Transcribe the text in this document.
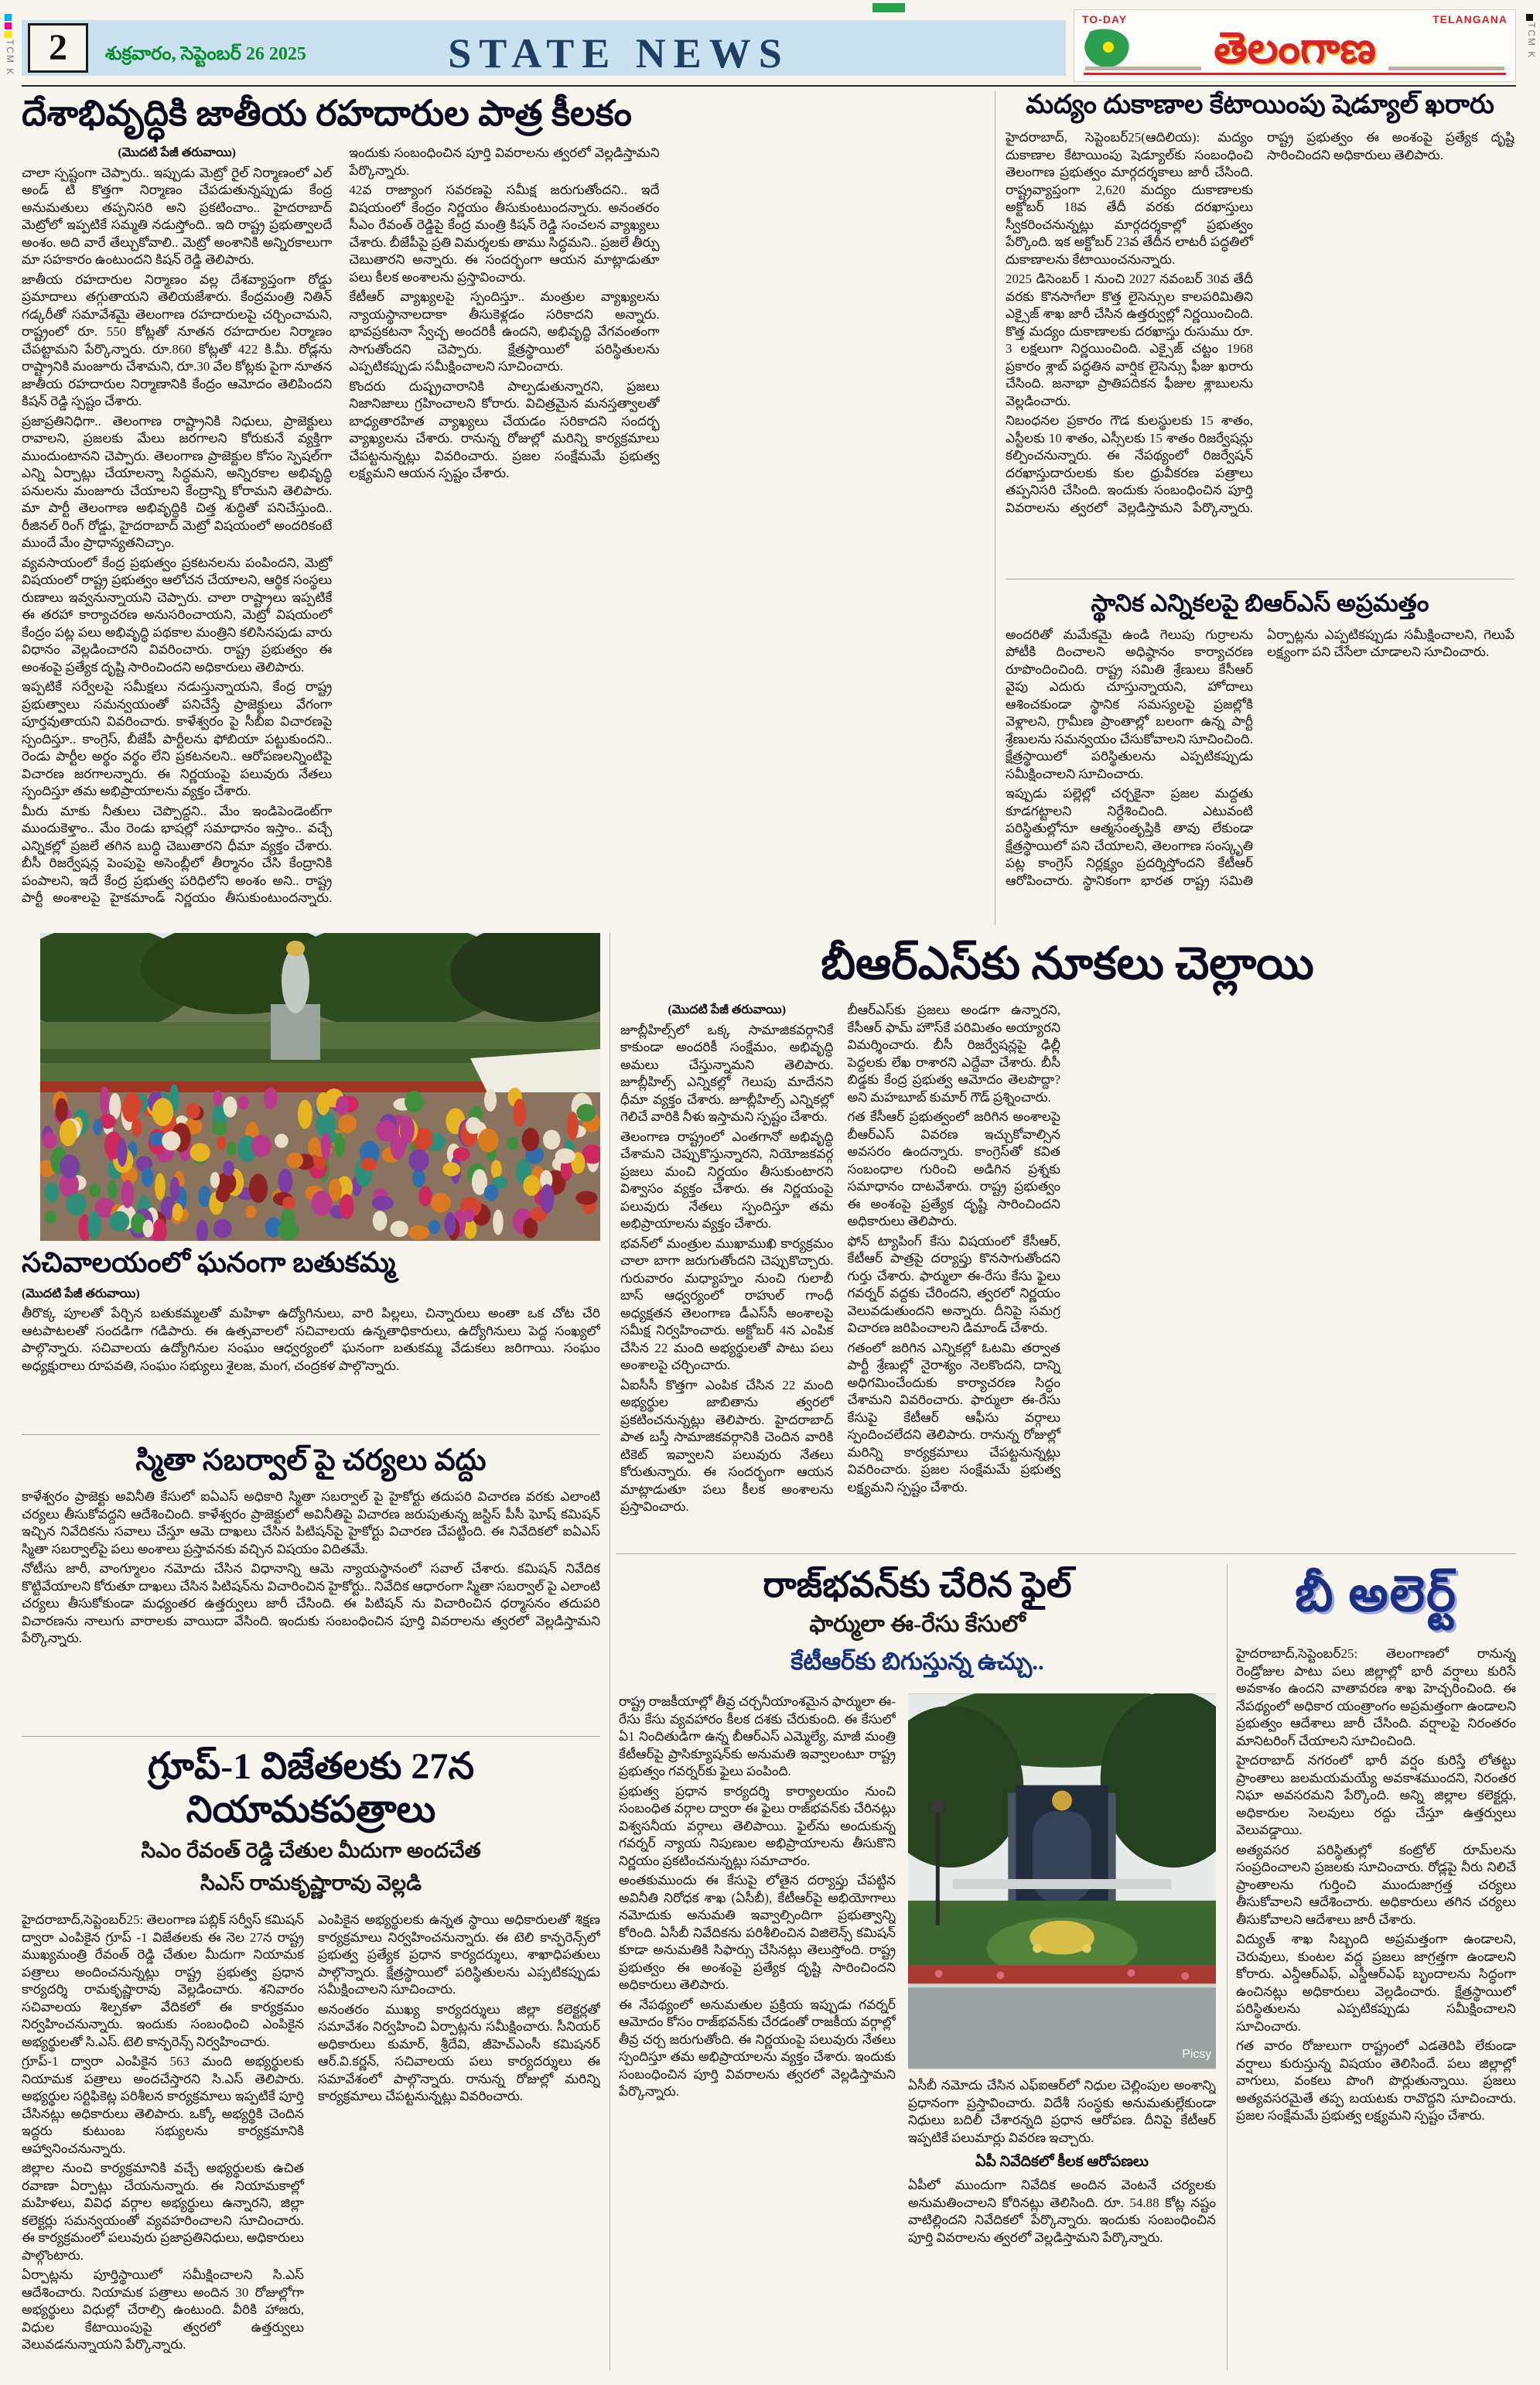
TCM K	TCM K
2	శుక్రవారం, సెప్టెంబర్ 26 2025	STATE NEWS
TO-DAY	TELANGANA
తెలంగాణ
దేశాభివృద్ధికి జాతీయ రహదారుల పాత్ర కీలకం

(మొదటి పేజీ తరువాయి)

చాలా స్పష్టంగా చెప్పారు.. ఇప్పుడు మెట్రో రైల్ నిర్మాణంలో ఎల్ అండ్ టి కొత్తగా నిర్మాణం చేపడుతున్నప్పుడు కేంద్ర అనుమతులు తప్పనిసరి అని ప్రకటించాం.. హైదరాబాద్ మెట్రోలో ఇప్పటికే సమ్మతి నడుస్తోంది.. ఇది రాష్ట్ర ప్రభుత్వాలదే అంశం. అది వారే తేల్చుకోవాలి.. మెట్రో అంశానికి అన్నిరకాలుగా మా సహకారం ఉంటుందని కిషన్ రెడ్డి తెలిపారు.

జాతీయ రహదారుల నిర్మాణం వల్ల దేశవ్యాప్తంగా రోడ్డు ప్రమాదాలు తగ్గుతాయని తెలియజేశారు. కేంద్రమంత్రి నితిన్ గడ్కరీతో సమావేశమై తెలంగాణ రహదారులపై చర్చించామని, రాష్ట్రంలో రూ. 550 కోట్లతో నూతన రహదారుల నిర్మాణం చేపట్టామని పేర్కొన్నారు. రూ.860 కోట్లతో 422 కి.మీ. రోడ్లను రాష్ట్రానికి మంజూరు చేశామని, రూ.30 వేల కోట్లకు పైగా నూతన జాతీయ రహదారుల నిర్మాణానికి కేంద్రం ఆమోదం తెలిపిందని కిషన్ రెడ్డి స్పష్టం చేశారు.

ప్రజాప్రతినిధిగా.. తెలంగాణ రాష్ట్రానికి నిధులు, ప్రాజెక్టులు రావాలని, ప్రజలకు మేలు జరగాలని కోరుకునే వ్యక్తిగా ముందుంటానని చెప్పారు. తెలంగాణ ప్రాజెక్టుల కోసం స్పెషల్‌గా ఎన్ని ఏర్పాట్లు చేయాలన్నా సిద్ధమని, అన్నిరకాల అభివృద్ధి పనులను మంజూరు చేయాలని కేంద్రాన్ని కోరామని తెలిపారు. మా పార్టీ తెలంగాణ అభివృద్ధికి చిత్త శుద్ధితో పనిచేస్తుంది.. రీజినల్ రింగ్ రోడ్డు, హైదరాబాద్ మెట్రో విషయంలో అందరికంటే ముందే మేం ప్రాధాన్యతనిచ్చాం.

వ్యవసాయంలో కేంద్ర ప్రభుత్వం ప్రకటనలను పంపిందని, మెట్రో విషయంలో రాష్ట్ర ప్రభుత్వం ఆలోచన చేయాలని, ఆర్థిక సంస్థలు రుణాలు ఇవ్వనున్నాయని చెప్పారు. చాలా రాష్ట్రాలు ఇప్పటికే ఈ తరహా కార్యాచరణ అనుసరించాయని, మెట్రో విషయంలో కేంద్రం పట్ల పలు అభివృద్ధి పథకాల మంత్రిని కలిసినపుడు వారు విధానం వెల్లడించారని వివరించారు. రాష్ట్ర ప్రభుత్వం ఈ అంశంపై ప్రత్యేక దృష్టి సారించిందని అధికారులు తెలిపారు.

ఇప్పటికే సర్వేలపై సమీక్షలు నడుస్తున్నాయని, కేంద్ర రాష్ట్ర ప్రభుత్వాలు సమన్వయంతో పనిచేస్తే ప్రాజెక్టులు వేగంగా పూర్తవుతాయని వివరించారు. కాళేశ్వరం పై సీబీఐ విచారణపై స్పందిస్తూ.. కాంగ్రెస్, బీజేపీ పార్టీలను ఫోబియా పట్టుకుందని.. రెండు పార్టీల అర్థం వర్థం లేని ప్రకటనలని.. ఆరోపణలన్నింటిపై విచారణ జరగాలన్నారు. ఈ నిర్ణయంపై పలువురు నేతలు స్పందిస్తూ తమ అభిప్రాయాలను వ్యక్తం చేశారు.

మీరు మాకు నీతులు చెప్పొద్దని.. మేం ఇండిపెండెంట్‌గా ముందుకెళ్తాం.. మేం రెండు భాషల్లో సమాధానం ఇస్తాం.. వచ్చే ఎన్నికల్లో ప్రజలే తగిన బుద్ధి చెబుతారని ధీమా వ్యక్తం చేశారు. బీసీ రిజర్వేషన్ల పెంపుపై అసెంబ్లీలో తీర్మానం చేసి కేంద్రానికి పంపాలని, ఇదే కేంద్ర ప్రభుత్వ పరిధిలోని అంశం అని.. రాష్ట్ర పార్టీ అంశాలపై హైకమాండ్ నిర్ణయం తీసుకుంటుందన్నారు. ఇందుకు సంబంధించిన పూర్తి వివరాలను త్వరలో వెల్లడిస్తామని పేర్కొన్నారు.

42వ రాజ్యాంగ సవరణపై సమీక్ష జరుగుతోందని.. ఇదే విషయంలో కేంద్రం నిర్ణయం తీసుకుంటుందన్నారు. అనంతరం సీఎం రేవంత్ రెడ్డిపై కేంద్ర మంత్రి కిషన్ రెడ్డి సంచలన వ్యాఖ్యలు చేశారు. బీజేపీపై ప్రతి విమర్శలకు తాము సిద్ధమని.. ప్రజలే తీర్పు చెబుతారని అన్నారు. ఈ సందర్భంగా ఆయన మాట్లాడుతూ పలు కీలక అంశాలను ప్రస్తావించారు.

కేటీఆర్ వ్యాఖ్యలపై స్పందిస్తూ.. మంత్రుల వ్యాఖ్యలను న్యాయస్థానాలదాకా తీసుకెళ్లడం సరికాదని అన్నారు. భావప్రకటనా స్వేచ్ఛ అందరికీ ఉందని, అభివృద్ధి వేగవంతంగా సాగుతోందని చెప్పారు. క్షేత్రస్థాయిలో పరిస్థితులను ఎప్పటికప్పుడు సమీక్షించాలని సూచించారు.

కొందరు దుష్ప్రచారానికి పాల్పడుతున్నారని, ప్రజలు నిజానిజాలు గ్రహించాలని కోరారు. విచిత్రమైన మనస్తత్వాలతో బాధ్యతారహిత వ్యాఖ్యలు చేయడం సరికాదని సందర్భ వ్యాఖ్యలను చేశారు. రానున్న రోజుల్లో మరిన్ని కార్యక్రమాలు చేపట్టనున్నట్లు వివరించారు. ప్రజల సంక్షేమమే ప్రభుత్వ లక్ష్యమని ఆయన స్పష్టం చేశారు.

మద్యం దుకాణాల కేటాయింపు షెడ్యూల్ ఖరారు

హైదరాబాద్, సెప్టెంబర్25(ఆదిలియ): మద్యం దుకాణాల కేటాయింపు షెడ్యూల్‌కు సంబంధించి తెలంగాణ ప్రభుత్వం మార్గదర్శకాలు జారీ చేసింది. రాష్ట్రవ్యాప్తంగా 2,620 మద్యం దుకాణాలకు అక్టోబర్ 18వ తేదీ వరకు దరఖాస్తులు స్వీకరించనున్నట్లు మార్గదర్శకాల్లో ప్రభుత్వం పేర్కొంది. ఇక అక్టోబర్ 23వ తేదీన లాటరీ పద్ధతిలో దుకాణాలను కేటాయించనున్నారు.

2025 డిసెంబర్ 1 నుంచి 2027 నవంబర్ 30వ తేదీ వరకు కొనసాగేలా కొత్త లైసెన్సుల కాలపరిమితిని ఎక్సైజ్ శాఖ జారీ చేసిన ఉత్తర్వుల్లో నిర్ణయించింది. కొత్త మద్యం దుకాణాలకు దరఖాస్తు రుసుము రూ. 3 లక్షలుగా నిర్ణయించింది. ఎక్సైజ్ చట్టం 1968 ప్రకారం శ్లాబ్ పద్ధతిన వార్షిక లైసెన్సు ఫీజు ఖరారు చేసింది. జనాభా ప్రాతిపదికన ఫీజుల శ్లాబులను వెల్లడించారు.

నిబంధనల ప్రకారం గౌడ కులస్థులకు 15 శాతం, ఎస్టీలకు 10 శాతం, ఎస్సీలకు 15 శాతం రిజర్వేషన్లు కల్పించనున్నారు. ఈ నేపథ్యంలో రిజర్వేషన్ దరఖాస్తుదారులకు కుల ధ్రువీకరణ పత్రాలు తప్పనిసరి చేసింది. ఇందుకు సంబంధించిన పూర్తి వివరాలను త్వరలో వెల్లడిస్తామని పేర్కొన్నారు. రాష్ట్ర ప్రభుత్వం ఈ అంశంపై ప్రత్యేక దృష్టి సారించిందని అధికారులు తెలిపారు.

స్థానిక ఎన్నికలపై బిఆర్ఎస్ అప్రమత్తం

అందరితో మమేకమై ఉండి గెలుపు గుర్రాలను పోటీకి దించాలని అధిష్ఠానం కార్యాచరణ రూపొందించింది. రాష్ట్ర సమితి శ్రేణులు కేసీఆర్ వైపు ఎదురు చూస్తున్నాయని, హోదాలు ఆశించకుండా స్థానిక సమస్యలపై ప్రజల్లోకి వెళ్లాలని, గ్రామీణ ప్రాంతాల్లో బలంగా ఉన్న పార్టీ శ్రేణులను సమన్వయం చేసుకోవాలని సూచించింది. క్షేత్రస్థాయిలో పరిస్థితులను ఎప్పటికప్పుడు సమీక్షించాలని సూచించారు.

ఇప్పుడు పల్లెల్లో చర్చకైనా ప్రజల మద్దతు కూడగట్టాలని నిర్దేశించింది. ఎటువంటి పరిస్థితుల్లోనూ ఆత్మసంతృప్తికి తావు లేకుండా క్షేత్రస్థాయిలో పని చేయాలని, తెలంగాణ సంస్కృతి పట్ల కాంగ్రెస్ నిర్లక్ష్యం ప్రదర్శిస్తోందని కేటీఆర్ ఆరోపించారు. స్థానికంగా భారత రాష్ట్ర సమితి ఏర్పాట్లను ఎప్పటికప్పుడు సమీక్షించాలని, గెలుపే లక్ష్యంగా పని చేసేలా చూడాలని సూచించారు.

బీఆర్ఎస్‌కు నూకలు చెల్లాయి

(మొదటి పేజీ తరువాయి)

జూబ్లీహిల్స్‌లో ఒక్క సామాజికవర్గానికే కాకుండా అందరికీ సంక్షేమం, అభివృద్ధి అమలు చేస్తున్నామని తెలిపారు. జూబ్లీహిల్స్ ఎన్నికల్లో గెలుపు మాదేనని ధీమా వ్యక్తం చేశారు. జూబ్లీహిల్స్ ఎన్నికల్లో గెలిచే వారికి నీళు ఇస్తామని స్పష్టం చేశారు.

తెలంగాణ రాష్ట్రంలో ఎంతగానో అభివృద్ధి చేశామని చెప్పుకొస్తున్నారని, నియోజకవర్గ ప్రజలు మంచి నిర్ణయం తీసుకుంటారని విశ్వాసం వ్యక్తం చేశారు. ఈ నిర్ణయంపై పలువురు నేతలు స్పందిస్తూ తమ అభిప్రాయాలను వ్యక్తం చేశారు.

భవన్‌లో మంత్రుల ముఖాముఖి కార్యక్రమం చాలా బాగా జరుగుతోందని చెప్పుకొచ్చారు. గురువారం మధ్యాహ్నం నుంచి గులాబీ బాస్ ఆధ్వర్యంలో రాహుల్ గాంధీ అధ్యక్షతన తెలంగాణ డీఎస్‌సీ అంశాలపై సమీక్ష నిర్వహించారు. అక్టోబర్ 4న ఎంపిక చేసిన 22 మంది అభ్యర్థులతో పాటు పలు అంశాలపై చర్చించారు.

ఏఐసీసీ కొత్తగా ఎంపిక చేసిన 22 మంది అభ్యర్థుల జాబితాను త్వరలో ప్రకటించనున్నట్లు తెలిపారు. హైదరాబాద్ పాత బస్తీ సామాజికవర్గానికి చెందిన వారికి టికెట్ ఇవ్వాలని పలువురు నేతలు కోరుతున్నారు. ఈ సందర్భంగా ఆయన మాట్లాడుతూ పలు కీలక అంశాలను ప్రస్తావించారు.

బీఆర్ఎస్‌కు ప్రజలు అండగా ఉన్నారని, కేసీఆర్ ఫామ్ హౌస్‌కే పరిమితం అయ్యారని విమర్శించారు. బీసీ రిజర్వేషన్లపై ఢిల్లీ పెద్దలకు లేఖ రాశారని ఎద్దేవా చేశారు. బీసీ బిడ్డకు కేంద్ర ప్రభుత్వ ఆమోదం తెలపొద్దా? అని మహబూబ్ కుమార్ గౌడ్ ప్రశ్నించారు.

గత కేసీఆర్ ప్రభుత్వంలో జరిగిన అంశాలపై బీఆర్ఎస్ వివరణ ఇచ్చుకోవాల్సిన అవసరం ఉందన్నారు. కాంగ్రెస్‌తో కవిత సంబంధాల గురించి అడిగిన ప్రశ్నకు సమాధానం దాటవేశారు. రాష్ట్ర ప్రభుత్వం ఈ అంశంపై ప్రత్యేక దృష్టి సారించిందని అధికారులు తెలిపారు.

ఫోన్ ట్యాపింగ్ కేసు విషయంలో కేసీఆర్, కేటీఆర్ పాత్రపై దర్యాప్తు కొనసాగుతోందని గుర్తు చేశారు. ఫార్ములా ఈ-రేసు కేసు ఫైలు గవర్నర్ వద్దకు చేరిందని, త్వరలో నిర్ణయం వెలువడుతుందని అన్నారు. దీనిపై సమగ్ర విచారణ జరిపించాలని డిమాండ్ చేశారు.

గతంలో జరిగిన ఎన్నికల్లో ఓటమి తర్వాత పార్టీ శ్రేణుల్లో నైరాశ్యం నెలకొందని, దాన్ని అధిగమించేందుకు కార్యాచరణ సిద్ధం చేశామని వివరించారు. ఫార్ములా ఈ-రేసు కేసుపై కేటీఆర్ ఆఫీసు వర్గాలు స్పందించలేదని తెలిపారు. రానున్న రోజుల్లో మరిన్ని కార్యక్రమాలు చేపట్టనున్నట్లు వివరించారు. ప్రజల సంక్షేమమే ప్రభుత్వ లక్ష్యమని స్పష్టం చేశారు.

సచివాలయంలో ఘనంగా బతుకమ్మ

(మొదటి పేజీ తరువాయి)

తీరొక్క పూలతో పేర్చిన బతుకమ్మలతో మహిళా ఉద్యోగినులు, వారి పిల్లలు, చిన్నారులు అంతా ఒక చోట చేరి ఆటపాటలతో సందడిగా గడిపారు. ఈ ఉత్సవాలలో సచివాలయ ఉన్నతాధికారులు, ఉద్యోగినులు పెద్ద సంఖ్యలో పాల్గొన్నారు. సచివాలయ ఉద్యోగినుల సంఘం ఆధ్వర్యంలో ఘనంగా బతుకమ్మ వేడుకలు జరిగాయి. సంఘం అధ్యక్షురాలు రూపవతి, సంఘం సభ్యులు శైలజ, మంగ, చంద్రకళ పాల్గొన్నారు.

స్మితా సబర్వాల్ పై చర్యలు వద్దు

కాళేశ్వరం ప్రాజెక్టు అవినీతి కేసులో ఐఏఎస్ అధికారి స్మితా సబర్వాల్ పై హైకోర్టు తదుపరి విచారణ వరకు ఎలాంటి చర్యలు తీసుకోవద్దని ఆదేశించింది. కాళేశ్వరం ప్రాజెక్టులో అవినీతిపై విచారణ జరుపుతున్న జస్టిస్ పీసీ ఘోష్ కమిషన్ ఇచ్చిన నివేదికను సవాలు చేస్తూ ఆమె దాఖలు చేసిన పిటిషన్‌పై హైకోర్టు విచారణ చేపట్టింది. ఈ నివేదికలో ఐఏఎస్ స్మితా సబర్వాల్‌పై పలు అంశాలు ప్రస్తావనకు వచ్చిన విషయం విదితమే.

నోటీసు జారీ, వాంగ్మూలం నమోదు చేసిన విధానాన్ని ఆమె న్యాయస్థానంలో సవాల్ చేశారు. కమిషన్ నివేదిక కొట్టివేయాలని కోరుతూ దాఖలు చేసిన పిటిషన్‌ను విచారించిన హైకోర్టు.. నివేదిక ఆధారంగా స్మితా సబర్వాల్ పై ఎలాంటి చర్యలు తీసుకోకుండా మధ్యంతర ఉత్తర్వులు జారీ చేసింది. ఈ పిటిషన్ ను విచారించిన ధర్మాసనం తదుపరి విచారణను నాలుగు వారాలకు వాయిదా వేసింది. ఇందుకు సంబంధించిన పూర్తి వివరాలను త్వరలో వెల్లడిస్తామని పేర్కొన్నారు.

గ్రూప్-1 విజేతలకు 27న నియామకపత్రాలు
సిఎం రేవంత్ రెడ్డి చేతుల మీదుగా అందచేత
సిఎస్ రామకృష్ణారావు వెల్లడి

హైదరాబాద్,సెప్టెంబర్25: తెలంగాణ పబ్లిక్ సర్వీస్ కమిషన్ ద్వారా ఎంపికైన గ్రూప్ -1 విజేతలకు ఈ నెల 27న రాష్ట్ర ముఖ్యమంత్రి రేవంత్ రెడ్డి చేతుల మీదుగా నియామక పత్రాలు అందించనున్నట్లు రాష్ట్ర ప్రభుత్వ ప్రధాన కార్యదర్శి రామకృష్ణారావు వెల్లడించారు. శనివారం సచివాలయ శిల్పకళా వేదికలో ఈ కార్యక్రమం నిర్వహించనున్నారు. ఇందుకు సంబంధించి ఎంపికైన అభ్యర్థులతో సి.ఎస్. టెలి కాన్ఫరెన్స్ నిర్వహించారు.

గ్రూప్-1 ద్వారా ఎంపికైన 563 మంది అభ్యర్థులకు నియామక పత్రాలు అందచేస్తారని సి.ఎస్ తెలిపారు. అభ్యర్థుల సర్టిఫికెట్ల పరిశీలన కార్యక్రమాలు ఇప్పటికే పూర్తి చేసినట్లు అధికారులు తెలిపారు. ఒక్కో అభ్యర్థికి చెందిన ఇద్దరు కుటుంబ సభ్యులను కార్యక్రమానికి ఆహ్వానించనున్నారు.

జిల్లాల నుంచి కార్యక్రమానికి వచ్చే అభ్యర్థులకు ఉచిత రవాణా ఏర్పాట్లు చేయనున్నారు. ఈ నియామకాల్లో మహిళలు, వివిధ వర్గాల అభ్యర్థులు ఉన్నారని, జిల్లా కలెక్టర్లు సమన్వయంతో వ్యవహరించాలని సూచించారు. ఈ కార్యక్రమంలో పలువురు ప్రజాప్రతినిధులు, అధికారులు పాల్గొంటారు.

ఏర్పాట్లను పూర్తిస్థాయిలో సమీక్షించాలని సి.ఎస్ ఆదేశించారు. నియామక పత్రాలు అందిన 30 రోజుల్లోగా అభ్యర్థులు విధుల్లో చేరాల్సి ఉంటుంది. వీరికి హాజరు, విధుల కేటాయింపుపై త్వరలో ఉత్తర్వులు వెలువడనున్నాయని పేర్కొన్నారు.

ఎంపికైన అభ్యర్థులకు ఉన్నత స్థాయి అధికారులతో శిక్షణ కార్యక్రమాలు నిర్వహించనున్నారు. ఈ టెలి కాన్ఫరెన్స్‌లో ప్రభుత్వ ప్రత్యేక ప్రధాన కార్యదర్శులు, శాఖాధిపతులు పాల్గొన్నారు. క్షేత్రస్థాయిలో పరిస్థితులను ఎప్పటికప్పుడు సమీక్షించాలని సూచించారు.

అనంతరం ముఖ్య కార్యదర్శులు జిల్లా కలెక్టర్లతో సమావేశం నిర్వహించి ఏర్పాట్లను సమీక్షించారు. సీనియర్ అధికారులు కుమార్, శ్రీదేవి, జీహెచ్ఎంసీ కమిషనర్ ఆర్.వి.కర్ణన్, సచివాలయ పలు కార్యదర్శులు ఈ సమావేశంలో పాల్గొన్నారు. రానున్న రోజుల్లో మరిన్ని కార్యక్రమాలు చేపట్టనున్నట్లు వివరించారు.

రాజ్‌భవన్‌కు చేరిన ఫైల్
ఫార్ములా ఈ-రేసు కేసులో
కేటీఆర్‌కు బిగుస్తున్న ఉచ్చు..

రాష్ట్ర రాజకీయాల్లో తీవ్ర చర్చనీయాంశమైన ఫార్ములా ఈ-రేసు కేసు వ్యవహారం కీలక దశకు చేరుకుంది. ఈ కేసులో ఏ1 నిందితుడిగా ఉన్న బీఆర్ఎస్ ఎమ్మెల్యే, మాజీ మంత్రి కేటీఆర్‌పై ప్రాసిక్యూషన్‌కు అనుమతి ఇవ్వాలంటూ రాష్ట్ర ప్రభుత్వం గవర్నర్‌కు ఫైలు పంపింది.

ప్రభుత్వ ప్రధాన కార్యదర్శి కార్యాలయం నుంచి సంబంధిత వర్గాల ద్వారా ఈ ఫైలు రాజ్‌భవన్‌కు చేరినట్లు విశ్వసనీయ వర్గాలు తెలిపాయి. ఫైల్‌ను అందుకున్న గవర్నర్ న్యాయ నిపుణుల అభిప్రాయాలను తీసుకొని నిర్ణయం ప్రకటించనున్నట్లు సమాచారం.

అంతకుముందు ఈ కేసుపై లోతైన దర్యాప్తు చేపట్టిన అవినీతి నిరోధక శాఖ (ఏసీబీ), కేటీఆర్‌పై అభియోగాలు నమోదుకు అనుమతి ఇవ్వాల్సిందిగా ప్రభుత్వాన్ని కోరింది. ఏసీబీ నివేదికను పరిశీలించిన విజిలెన్స్ కమిషన్ కూడా అనుమతికి సిఫార్సు చేసినట్లు తెలుస్తోంది. రాష్ట్ర ప్రభుత్వం ఈ అంశంపై ప్రత్యేక దృష్టి సారించిందని అధికారులు తెలిపారు.

ఈ నేపథ్యంలో అనుమతుల ప్రక్రియ ఇప్పుడు గవర్నర్ ఆమోదం కోసం రాజ్‌భవన్‌కు చేరడంతో రాజకీయ వర్గాల్లో తీవ్ర చర్చ జరుగుతోంది. ఈ నిర్ణయంపై పలువురు నేతలు స్పందిస్తూ తమ అభిప్రాయాలను వ్యక్తం చేశారు. ఇందుకు సంబంధించిన పూర్తి వివరాలను త్వరలో వెల్లడిస్తామని పేర్కొన్నారు.

Picsy

ఏసీబీ నమోదు చేసిన ఎఫ్ఐఆర్‌లో నిధుల చెల్లింపుల అంశాన్ని ప్రధానంగా ప్రస్తావించారు. విదేశీ సంస్థకు అనుమతుల్లేకుండా నిధులు బదిలీ చేశారన్నది ప్రధాన ఆరోపణ. దీనిపై కేటీఆర్ ఇప్పటికే పలుమార్లు వివరణ ఇచ్చారు.

ఏపీ నివేదికలో కీలక ఆరోపణలు

ఏపీలో ముందుగా నివేదిక అందిన వెంటనే చర్యలకు అనుమతించాలని కోరినట్లు తెలిసింది. రూ. 54.88 కోట్ల నష్టం వాటిల్లిందని నివేదికలో పేర్కొన్నారు. ఇందుకు సంబంధించిన పూర్తి వివరాలను త్వరలో వెల్లడిస్తామని పేర్కొన్నారు.

బీ అలెర్ట్

హైదరాబాద్,సెప్టెంబర్25: తెలంగాణలో రానున్న రెండ్రోజుల పాటు పలు జిల్లాల్లో భారీ వర్షాలు కురిసే అవకాశం ఉందని వాతావరణ శాఖ హెచ్చరించింది. ఈ నేపథ్యంలో అధికార యంత్రాంగం అప్రమత్తంగా ఉండాలని ప్రభుత్వం ఆదేశాలు జారీ చేసింది. వర్షాలపై నిరంతరం మానిటరింగ్ చేయాలని సూచించింది.

హైదరాబాద్ నగరంలో భారీ వర్షం కురిస్తే లోతట్టు ప్రాంతాలు జలమయమయ్యే అవకాశముందని, నిరంతర నిఘా అవసరమని పేర్కొంది. అన్ని జిల్లాల కలెక్టర్లు, అధికారుల సెలవులు రద్దు చేస్తూ ఉత్తర్వులు వెలువడ్డాయి.

అత్యవసర పరిస్థితుల్లో కంట్రోల్ రూమ్‌లను సంప్రదించాలని ప్రజలకు సూచించారు. రోడ్లపై నీరు నిలిచే ప్రాంతాలను గుర్తించి ముందుజాగ్రత్త చర్యలు తీసుకోవాలని ఆదేశించారు. అధికారులు తగిన చర్యలు తీసుకోవాలని ఆదేశాలు జారీ చేశారు.

విద్యుత్ శాఖ సిబ్బంది అప్రమత్తంగా ఉండాలని, చెరువులు, కుంటల వద్ద ప్రజలు జాగ్రత్తగా ఉండాలని కోరారు. ఎన్డీఆర్ఎఫ్, ఎస్డీఆర్ఎఫ్ బృందాలను సిద్ధంగా ఉంచినట్లు అధికారులు వెల్లడించారు. క్షేత్రస్థాయిలో పరిస్థితులను ఎప్పటికప్పుడు సమీక్షించాలని సూచించారు.

గత వారం రోజులుగా రాష్ట్రంలో ఎడతెరిపి లేకుండా వర్షాలు కురుస్తున్న విషయం తెలిసిందే. పలు జిల్లాల్లో వాగులు, వంకలు పొంగి పొర్లుతున్నాయి. ప్రజలు అత్యవసరమైతే తప్ప బయటకు రావొద్దని సూచించారు. ప్రజల సంక్షేమమే ప్రభుత్వ లక్ష్యమని స్పష్టం చేశారు.
